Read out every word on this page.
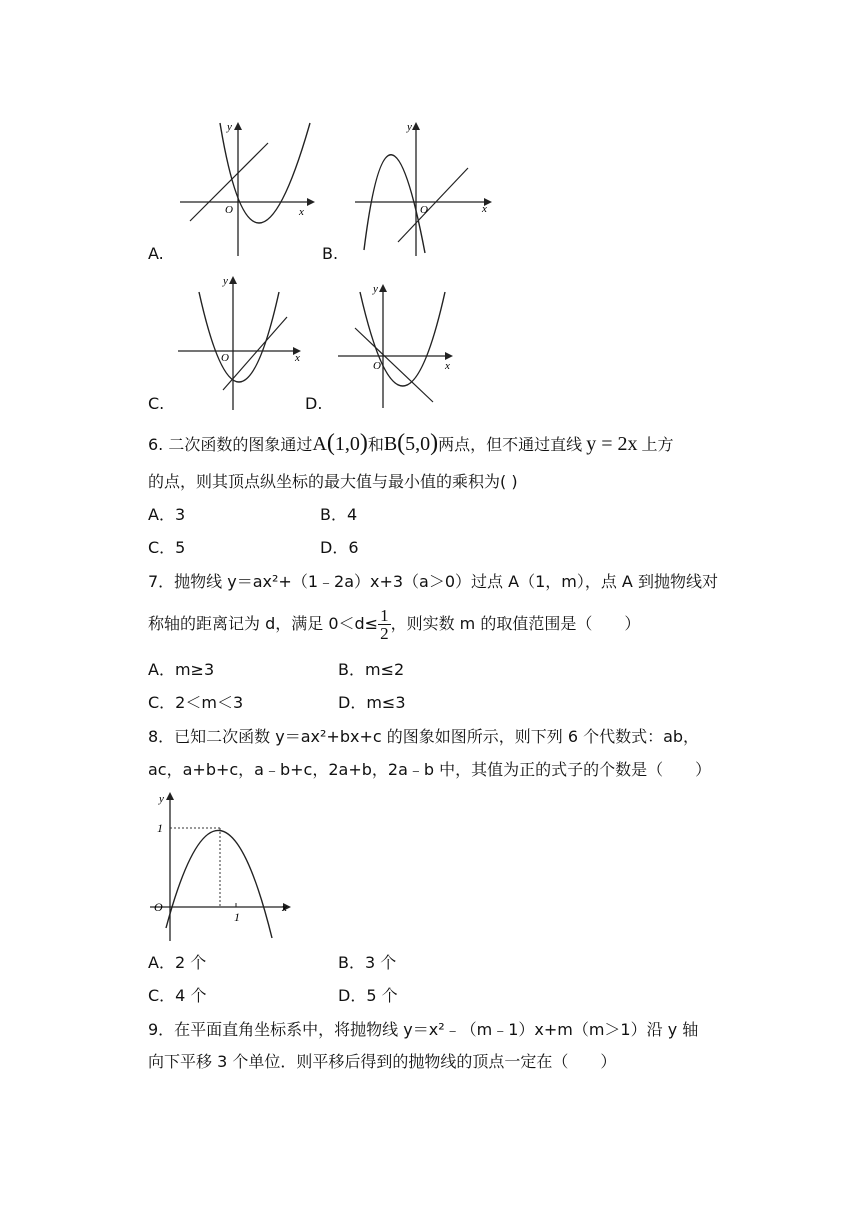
y
x
O
A.
y
x
O
B.
y
x
O
C.
y
x
O
D.
6. 二次函数的图象通过A(1,0)和B(5,0)两点，但不通过直线 y = 2x 上方
的点，则其顶点纵坐标的最大值与最小值的乘积为( )
A．3	B．4
C．5	D．6
7．抛物线 y＝ax²+（1﹣2a）x+3（a＞0）过点 A（1，m），点 A 到抛物线对
称轴的距离记为 d，满足 $0<d\le \frac{1}{2}$ ，则实数 m 的取值范围是（　　）
A．m≥3	B．m≤2
C．2＜m＜3	D．m≤3
8．已知二次函数 y＝ax²+bx+c 的图象如图所示，则下列 6 个代数式：ab，
ac，a+b+c，a﹣b+c，2a+b，2a﹣b 中，其值为正的式子的个数是（　　）
y
x
O
1
1
A．2 个	B．3 个
C．4 个	D．5 个
9．在平面直角坐标系中，将抛物线 y＝x²﹣（m﹣1）x+m（m＞1）沿 y 轴
向下平移 3 个单位．则平移后得到的抛物线的顶点一定在（　　）
